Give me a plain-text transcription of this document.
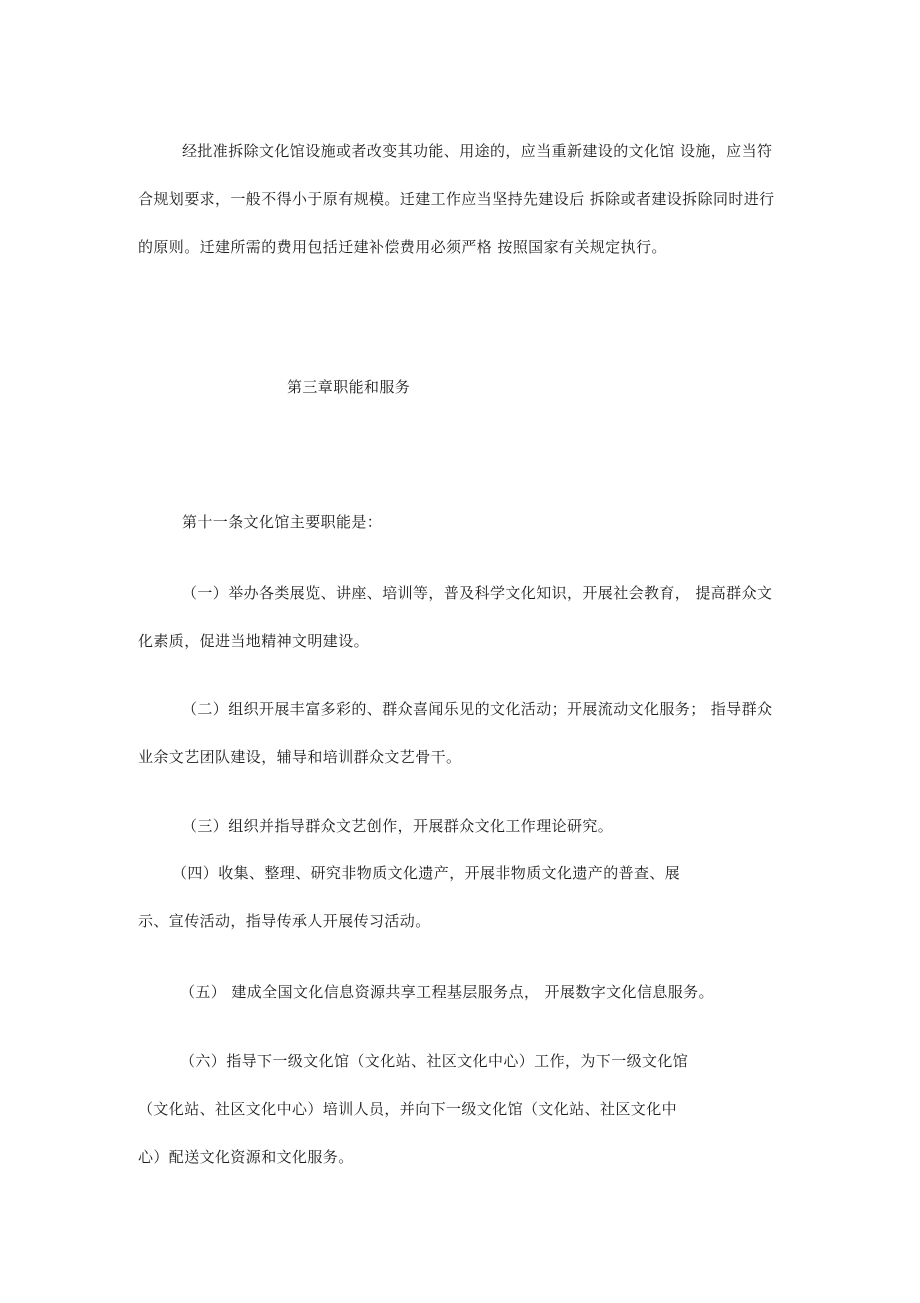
经批准拆除文化馆设施或者改变其功能、用途的，应当重新建设的文化馆 设施，应当符
合规划要求，一般不得小于原有规模。迁建工作应当坚持先建设后 拆除或者建设拆除同时进行
的原则。迁建所需的费用包括迁建补偿费用必须严格 按照国家有关规定执行。
第三章职能和服务
第十一条文化馆主要职能是：
（一）举办各类展览、讲座、培训等，普及科学文化知识，开展社会教育， 提高群众文
化素质，促进当地精神文明建设。
（二）组织开展丰富多彩的、群众喜闻乐见的文化活动；开展流动文化服务； 指导群众
业余文艺团队建设，辅导和培训群众文艺骨干。
（三）组织并指导群众文艺创作，开展群众文化工作理论研究。
（四）收集、整理、研究非物质文化遗产，开展非物质文化遗产的普查、展
示、宣传活动，指导传承人开展传习活动。
（五） 建成全国文化信息资源共享工程基层服务点， 开展数字文化信息服务。
（六）指导下一级文化馆（文化站、社区文化中心）工作，为下一级文化馆
（文化站、社区文化中心）培训人员，并向下一级文化馆（文化站、社区文化中
心）配送文化资源和文化服务。
